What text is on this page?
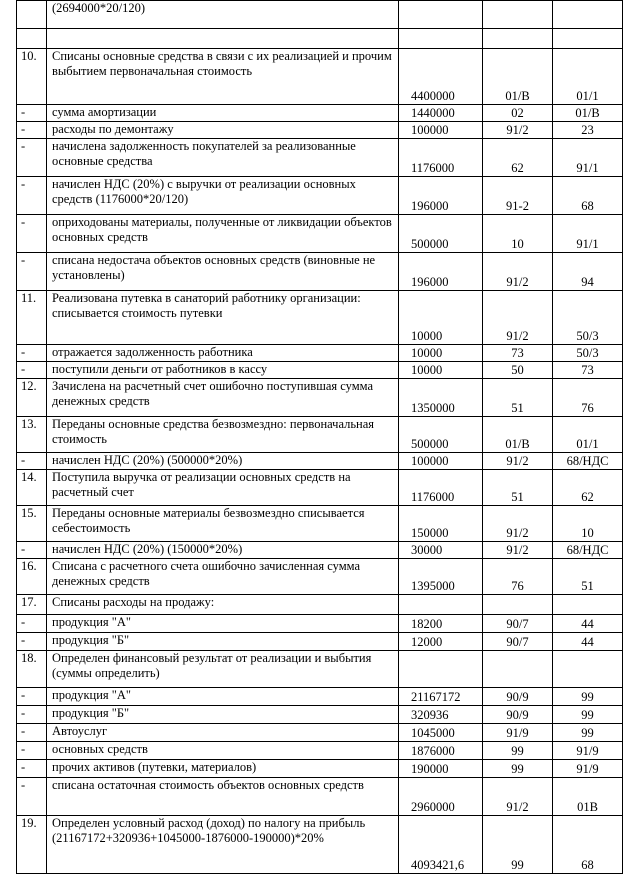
	(2694000*20/120)			

10.	Списаны основные средства в связи с их реализацией и прочим выбытием первоначальная стоимость	4400000	01/В	01/1
-	сумма амортизации	1440000	02	01/В
-	расходы по демонтажу	100000	91/2	23
-	начислена задолженность покупателей за реализованные основные средства	1176000	62	91/1
-	начислен НДС (20%) с выручки от реализации основных средств (1176000*20/120)	196000	91-2	68
-	оприходованы материалы, полученные от ликвидации объектов основных средств	500000	10	91/1
-	списана недостача объектов основных средств (виновные не установлены)	196000	91/2	94
11.	Реализована путевка в санаторий работнику организации: списывается стоимость путевки	10000	91/2	50/3
-	отражается задолженность работника	10000	73	50/3
-	поступили деньги от работников в кассу	10000	50	73
12.	Зачислена на расчетный счет ошибочно поступившая сумма денежных средств	1350000	51	76
13.	Переданы основные средства безвозмездно: первоначальная стоимость	500000	01/В	01/1
-	начислен НДС (20%) (500000*20%)	100000	91/2	68/НДС
14.	Поступила выручка от реализации основных средств на расчетный счет	1176000	51	62
15.	Переданы основные материалы безвозмездно списывается себестоимость	150000	91/2	10
-	начислен НДС (20%) (150000*20%)	30000	91/2	68/НДС
16.	Списана с расчетного счета ошибочно зачисленная сумма денежных средств	1395000	76	51
17.	Списаны расходы на продажу:			
-	продукция "А"	18200	90/7	44
-	продукция "Б"	12000	90/7	44
18.	Определен финансовый результат от реализации и выбытия (суммы определить)			
-	продукция "А"	21167172	90/9	99
-	продукция "Б"	320936	90/9	99
-	Автоуслуг	1045000	91/9	99
-	основных средств	1876000	99	91/9
-	прочих активов (путевки, материалов)	190000	99	91/9
-	списана остаточная стоимость объектов основных средств	2960000	91/2	01В
19.	Определен условный расход (доход) по налогу на прибыль (21167172+320936+1045000-1876000-190000)*20%	4093421,6	99	68
